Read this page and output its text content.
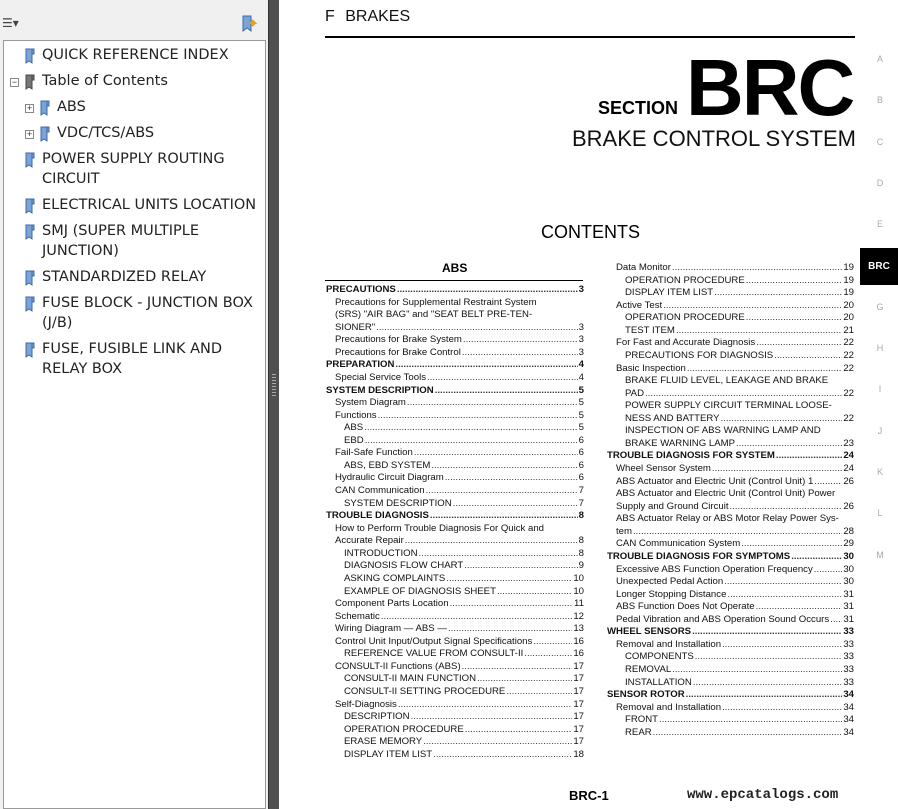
☰▾
QUICK REFERENCE INDEX
− Table of Contents
+ ABS
+ VDC/TCS/ABS
POWER SUPPLY ROUTING CIRCUIT
ELECTRICAL UNITS LOCATION
SMJ (SUPER MULTIPLE JUNCTION)
STANDARDIZED RELAY
FUSE BLOCK - JUNCTION BOX (J/B)
FUSE, FUSIBLE LINK AND RELAY BOX
F BRAKES
SECTION BRC
BRAKE CONTROL SYSTEM
CONTENTS
ABS
PRECAUTIONS .....	3
Precautions for Supplemental Restraint System
(SRS) "AIR BAG" and "SEAT BELT PRE-TEN-
SIONER" .....	3
Precautions for Brake System .....	3
Precautions for Brake Control .....	3
PREPARATION .....	4
Special Service Tools .....	4
SYSTEM DESCRIPTION .....	5
System Diagram .....	5
Functions .....	5
ABS .....	5
EBD .....	6
Fail-Safe Function .....	6
ABS, EBD SYSTEM .....	6
Hydraulic Circuit Diagram .....	6
CAN Communication .....	7
SYSTEM DESCRIPTION .....	7
TROUBLE DIAGNOSIS .....	8
How to Perform Trouble Diagnosis For Quick and
Accurate Repair .....	8
INTRODUCTION .....	8
DIAGNOSIS FLOW CHART .....	9
ASKING COMPLAINTS .....	10
EXAMPLE OF DIAGNOSIS SHEET .....	10
Component Parts Location .....	11
Schematic .....	12
Wiring Diagram — ABS — .....	13
Control Unit Input/Output Signal Specifications .....	16
REFERENCE VALUE FROM CONSULT-II .....	16
CONSULT-II Functions (ABS) .....	17
CONSULT-II MAIN FUNCTION .....	17
CONSULT-II SETTING PROCEDURE .....	17
Self-Diagnosis .....	17
DESCRIPTION .....	17
OPERATION PROCEDURE .....	17
ERASE MEMORY .....	17
DISPLAY ITEM LIST .....	18
Data Monitor .....	19
OPERATION PROCEDURE .....	19
DISPLAY ITEM LIST .....	19
Active Test .....	20
OPERATION PROCEDURE .....	20
TEST ITEM .....	21
For Fast and Accurate Diagnosis .....	22
PRECAUTIONS FOR DIAGNOSIS .....	22
Basic Inspection .....	22
BRAKE FLUID LEVEL, LEAKAGE AND BRAKE
PAD .....	22
POWER SUPPLY CIRCUIT TERMINAL LOOSE-
NESS AND BATTERY .....	22
INSPECTION OF ABS WARNING LAMP AND
BRAKE WARNING LAMP .....	23
TROUBLE DIAGNOSIS FOR SYSTEM .....	24
Wheel Sensor System .....	24
ABS Actuator and Electric Unit (Control Unit) 1 .....	26
ABS Actuator and Electric Unit (Control Unit) Power
Supply and Ground Circuit .....	26
ABS Actuator Relay or ABS Motor Relay Power Sys-
tem .....	28
CAN Communication System .....	29
TROUBLE DIAGNOSIS FOR SYMPTOMS .....	30
Excessive ABS Function Operation Frequency .....	30
Unexpected Pedal Action .....	30
Longer Stopping Distance .....	31
ABS Function Does Not Operate .....	31
Pedal Vibration and ABS Operation Sound Occurs ..... 31
WHEEL SENSORS .....	33
Removal and Installation .....	33
COMPONENTS .....	33
REMOVAL .....	33
INSTALLATION .....	33
SENSOR ROTOR .....	34
Removal and Installation .....	34
FRONT .....	34
REAR .....	34
A
B
C
D
E
BRC
G
H
I
J
K
L
M
BRC-1	www.epcatalogs.com
